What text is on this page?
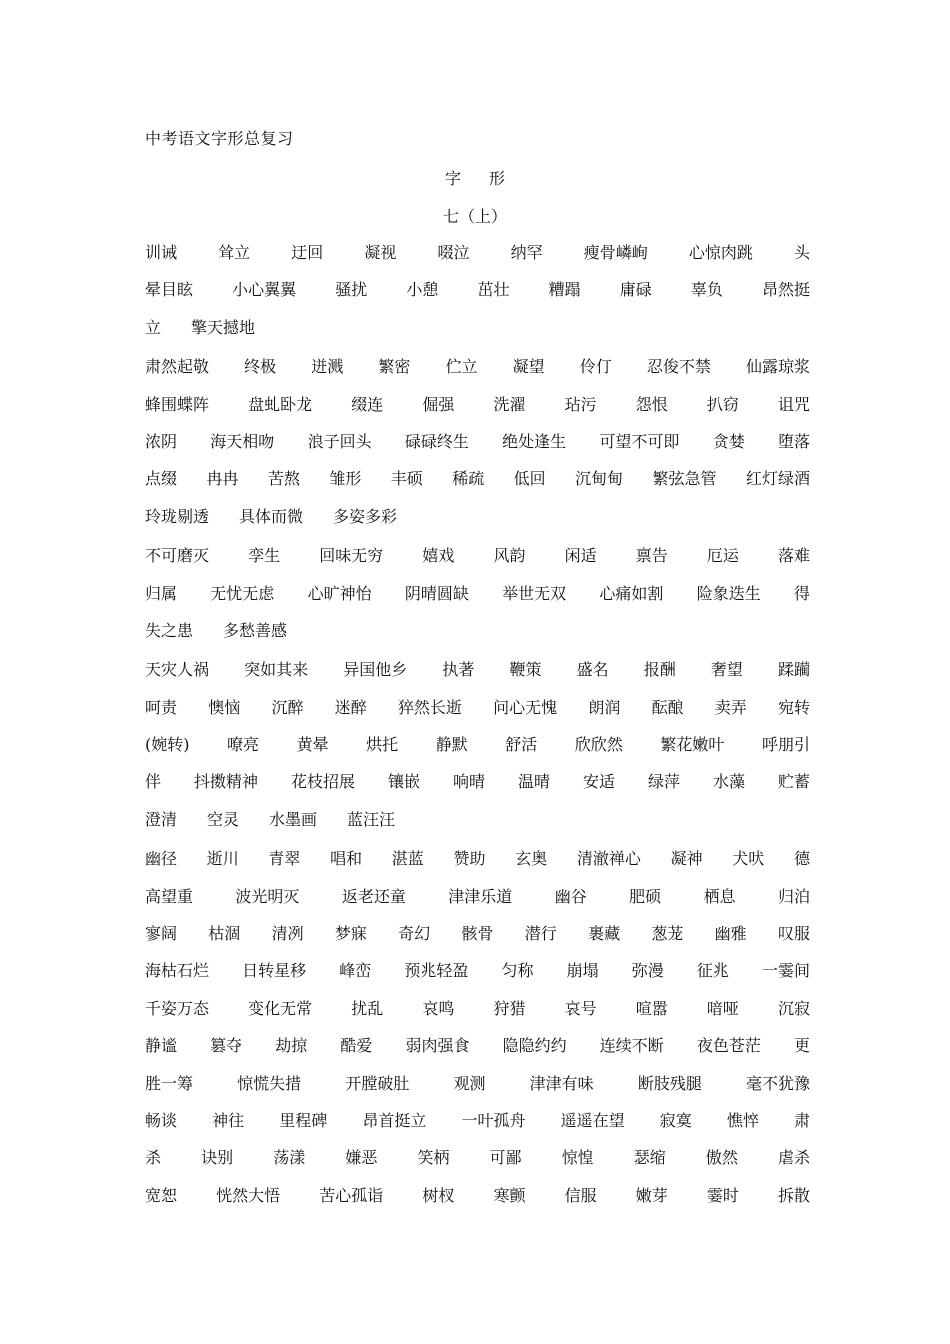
中考语文字形总复习
字 形
七（上）
训诫	耸立	迂回	凝视	啜泣	纳罕	瘦骨嶙峋	心惊肉跳	头
晕目眩 小心翼翼 骚扰 小憩 茁壮 糟蹋 庸碌 辜负 昂然挺
立 擎天撼地
肃然起敬 终极 迸溅 繁密 伫立 凝望 伶仃 忍俊不禁 仙露琼浆
蜂围蝶阵 盘虬卧龙 缀连 倔强 洗濯 玷污 怨恨 扒窃 诅咒
浓阴 海天相吻 浪子回头 碌碌终生 绝处逢生 可望不可即 贪婪 堕落
点缀 冉冉 苦熬 雏形 丰硕 稀疏 低回 沉甸甸 繁弦急管 红灯绿酒
玲珑剔透 具体而微 多姿多彩
不可磨灭 孪生 回味无穷 嬉戏 风韵 闲适 禀告 厄运 落难
归属 无忧无虑 心旷神怡 阴晴圆缺 举世无双 心痛如割 险象迭生 得
失之患 多愁善感
天灾人祸 突如其来 异国他乡 执著 鞭策 盛名 报酬 奢望 蹂躏
呵责 懊恼 沉醉 迷醉 猝然长逝 问心无愧 朗润 酝酿 卖弄 宛转
(婉转) 嘹亮 黄晕 烘托 静默 舒活 欣欣然 繁花嫩叶 呼朋引
伴 抖擞精神 花枝招展 镶嵌 响晴 温晴 安适 绿萍 水藻 贮蓄
澄清 空灵 水墨画 蓝汪汪
幽径 逝川 青翠 唱和 湛蓝 赞助 玄奥 清澈禅心 凝神 犬吠 德
高望重	波光明灭	返老还童	津津乐道	幽谷	肥硕	栖息	归泊
寥阔 枯涸 清冽 梦寐 奇幻 骸骨 潜行 裹藏 葱茏 幽雅 叹服
海枯石烂 日转星移 峰峦 预兆轻盈 匀称 崩塌 弥漫 征兆 一霎间
千姿万态 变化无常 扰乱 哀鸣 狩猎 哀号 喧嚣 喑哑 沉寂
静谧 篡夺 劫掠 酷爱 弱肉强食 隐隐约约 连续不断 夜色苍茫 更
胜一筹	惊慌失措	开膛破肚	观测	津津有味	断肢残腿	毫不犹豫
畅谈 神往 里程碑 昂首挺立 一叶孤舟 遥遥在望 寂寞 憔悴 肃
杀	诀别	荡漾	嫌恶	笑柄	可鄙	惊惶	瑟缩	傲然	虐杀
宽恕 恍然大悟 苦心孤诣 树杈 寒颤 信服 嫩芽 霎时 拆散
